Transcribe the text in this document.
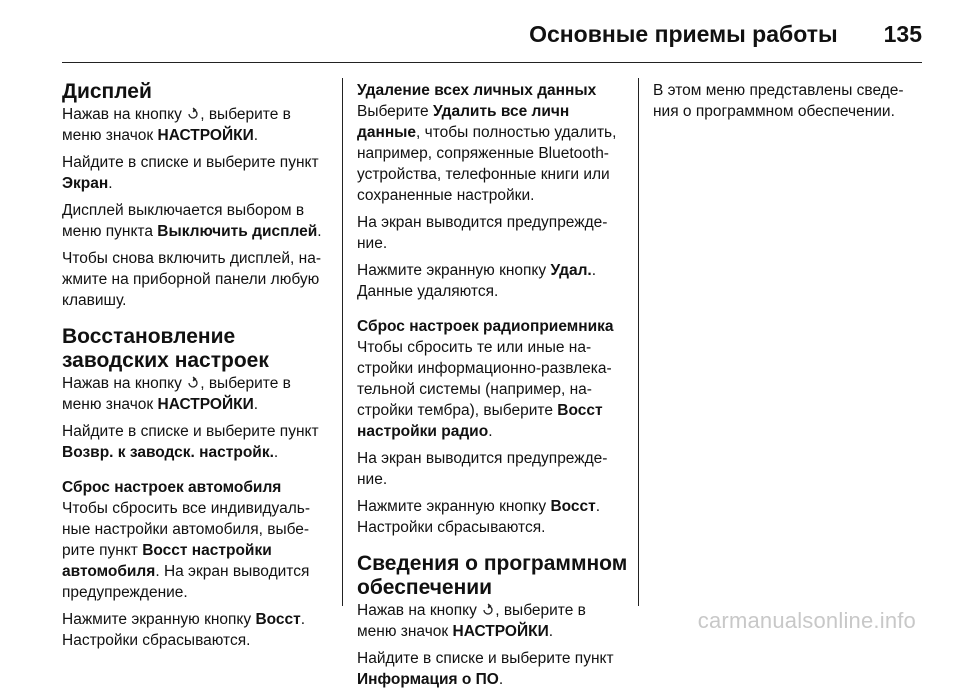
Основные приемы работы 135
Дисплей

Нажав на кнопку
, выберите в меню значок НАСТРОЙКИ.

Найдите в списке и выберите пункт Экран.

Дисплей выключается выбором в меню пункта Выключить дисплей.

Чтобы снова включить дисплей, на-жмите на приборной панели любую клавишу.

Восстановление заводских настроек

Нажав на кнопку
, выберите в меню значок НАСТРОЙКИ.

Найдите в списке и выберите пункт Возвр. к заводск. настройк..

Сброс настроек автомобиля

Чтобы сбросить все индивидуаль-ные настройки автомобиля, выбе-рите пункт Восст настройки автомобиля. На экран выводится предупреждение.

Нажмите экранную кнопку Восст. Настройки сбрасываются.

Удаление всех личных данных

Выберите Удалить все личн данные, чтобы полностью удалить, например, сопряженные Bluetooth-устройства, телефонные книги или сохраненные настройки.

На экран выводится предупрежде-ние.

Нажмите экранную кнопку Удал.. Данные удаляются.

Сброс настроек радиоприемника

Чтобы сбросить те или иные на-стройки информационно-развлека-тельной системы (например, на-стройки тембра), выберите Восст настройки радио.

На экран выводится предупрежде-ние.

Нажмите экранную кнопку Восст. Настройки сбрасываются.

Сведения о программном обеспечении

Нажав на кнопку
, выберите в меню значок НАСТРОЙКИ.

Найдите в списке и выберите пункт Информация о ПО.

В этом меню представлены сведе-ния о программном обеспечении.

carmanualsonline.info
